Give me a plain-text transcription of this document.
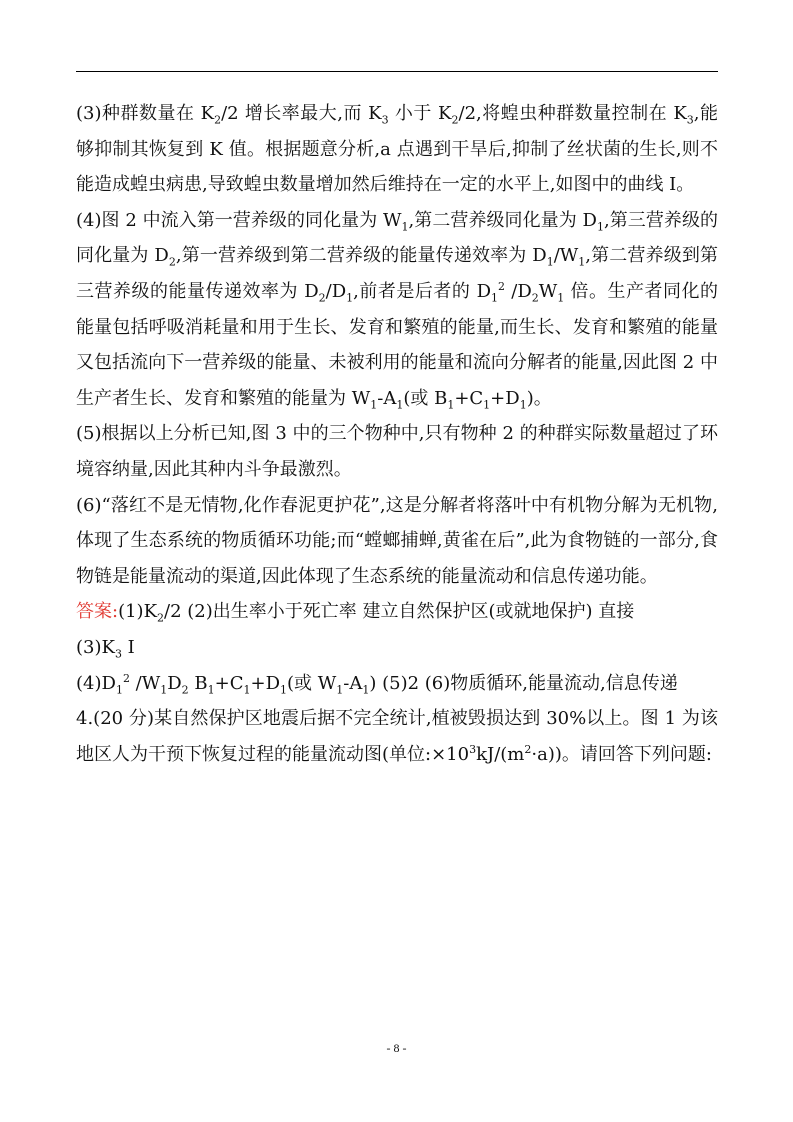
(3)种群数量在 $K_2/2$ 增长率最大,而 $K_3$ 小于 $K_2/2$,将蝗虫种群数量控制在 $K_3$,能够抑制其恢复到 K 值。根据题意分析,a 点遇到干旱后,抑制了丝状菌的生长,则不能造成蝗虫病患,导致蝗虫数量增加然后维持在一定的水平上,如图中的曲线 Ⅰ。

(4)图 2 中流入第一营养级的同化量为 $W_1$,第二营养级同化量为 $D_1$,第三营养级的同化量为 $D_2$,第一营养级到第二营养级的能量传递效率为 $D_1/W_1$,第二营养级到第三营养级的能量传递效率为 $D_2/D_1$,前者是后者的 $D_1^2$ $/D_2W_1$ 倍。生产者同化的能量包括呼吸消耗量和用于生长、发育和繁殖的能量,而生长、发育和繁殖的能量又包括流向下一营养级的能量、未被利用的能量和流向分解者的能量,因此图 2 中生产者生长、发育和繁殖的能量为 $W_1-A_1$(或 $B_1+C_1+D_1$)。

(5)根据以上分析已知,图 3 中的三个物种中,只有物种 2 的种群实际数量超过了环境容纳量,因此其种内斗争最激烈。

(6)“落红不是无情物,化作春泥更护花”,这是分解者将落叶中有机物分解为无机物,体现了生态系统的物质循环功能;而“螳螂捕蝉,黄雀在后”,此为食物链的一部分,食物链是能量流动的渠道,因此体现了生态系统的能量流动和信息传递功能。

答案$:(1)K_2/2$ (2)出生率小于死亡率 建立自然保护区(或就地保护) 直接

$(3)K_3$ Ⅰ

$(4)D_1^2$ $/W_1D_2$ $B_1+C_1+D_1$(或 $W_1-A_1$) (5)2 (6)物质循环,能量流动,信息传递

4.(20 分)某自然保护区地震后据不完全统计,植被毁损达到 30%以上。图 1 为该地区人为干预下恢复过程的能量流动图(单位$:\times 10^3kJ/(m^2\cdot a)$)。请回答下列问题:

- 8 -
